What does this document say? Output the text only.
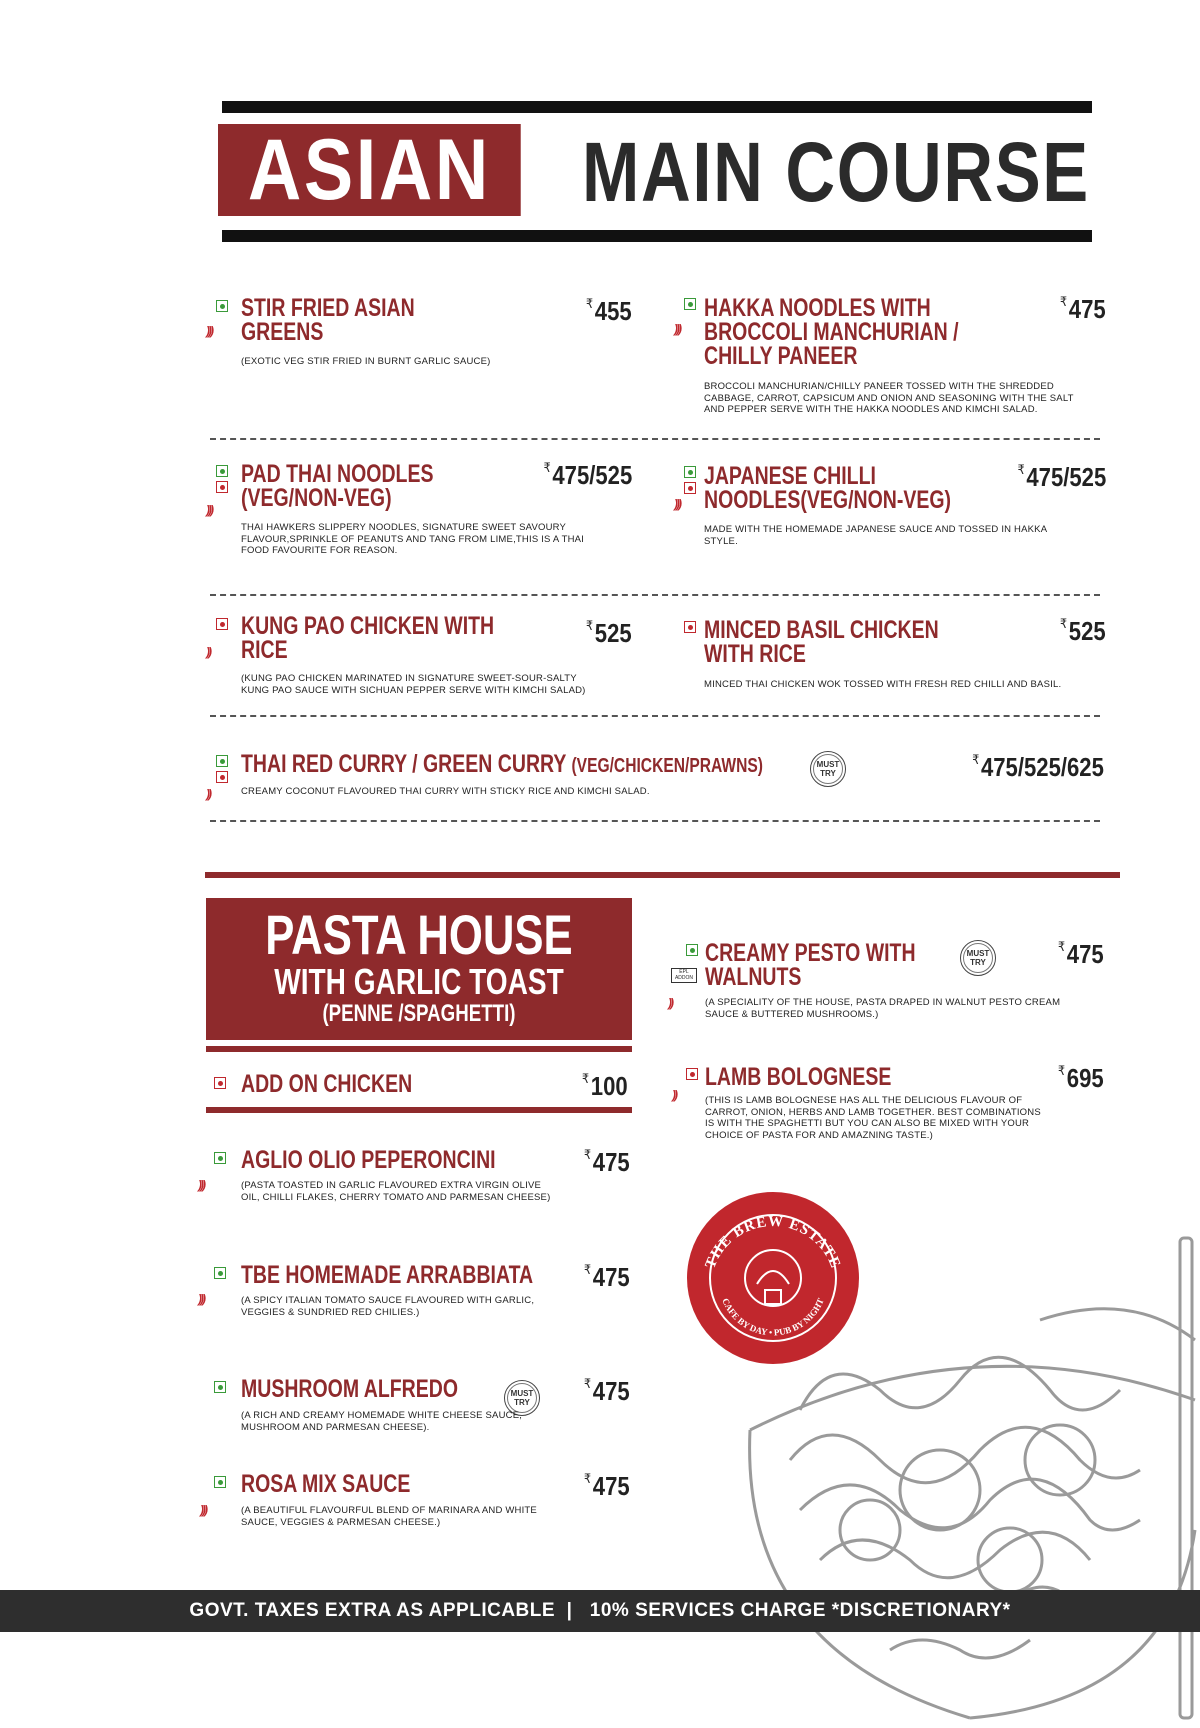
ASIAN	MAIN COURSE
)))
STIR FRIED ASIAN
GREENS
(EXOTIC VEG STIR FRIED IN BURNT GARLIC SAUCE)
₹455
)))
HAKKA NOODLES WITH
BROCCOLI MANCHURIAN /
CHILLY PANEER
BROCCOLI MANCHURIAN/CHILLY PANEER TOSSED WITH THE SHREDDED
CABBAGE, CARROT, CAPSICUM AND ONION AND SEASONING WITH THE SALT
AND PEPPER SERVE WITH THE HAKKA NOODLES AND KIMCHI SALAD.
₹475
)))
PAD THAI NOODLES
(VEG/NON-VEG)
THAI HAWKERS SLIPPERY NOODLES, SIGNATURE SWEET SAVOURY
FLAVOUR,SPRINKLE OF PEANUTS AND TANG FROM LIME,THIS IS A THAI
FOOD FAVOURITE FOR REASON.
₹475/525
)))
JAPANESE CHILLI
NOODLES(VEG/NON-VEG)
MADE WITH THE HOMEMADE JAPANESE SAUCE AND TOSSED IN HAKKA
STYLE.
₹475/525
))
KUNG PAO CHICKEN WITH
RICE
(KUNG PAO CHICKEN MARINATED IN SIGNATURE SWEET-SOUR-SALTY
KUNG PAO SAUCE WITH SICHUAN PEPPER SERVE WITH KIMCHI SALAD)
₹525	MINCED BASIL CHICKEN
WITH RICE
MINCED THAI CHICKEN WOK TOSSED WITH FRESH RED CHILLI AND BASIL.
₹525
))
THAI RED CURRY / GREEN CURRY (VEG/CHICKEN/PRAWNS)
CREAMY COCONUT FLAVOURED THAI CURRY WITH STICKY RICE AND KIMCHI SALAD.
MUST
TRY
₹475/525/625
PASTA HOUSE
WITH GARLIC TOAST
(PENNE /SPAGHETTI)
ADD ON CHICKEN	₹100
)))
AGLIO OLIO PEPERONCINI
(PASTA TOASTED IN GARLIC FLAVOURED EXTRA VIRGIN OLIVE
OIL, CHILLI FLAKES, CHERRY TOMATO AND PARMESAN CHEESE)
₹475
)))
TBE HOMEMADE ARRABBIATA
(A SPICY ITALIAN TOMATO SAUCE FLAVOURED WITH GARLIC,
VEGGIES & SUNDRIED RED CHILIES.)
₹475
MUSHROOM ALFREDO	MUST
TRY
(A RICH AND CREAMY HOMEMADE WHITE CHEESE SAUCE,
MUSHROOM AND PARMESAN CHEESE).
₹475
)))
ROSA MIX SAUCE
(A BEAUTIFUL FLAVOURFUL BLEND OF MARINARA AND WHITE
SAUCE, VEGGIES & PARMESAN CHEESE.)
₹475
EPL ADDON
))
CREAMY PESTO WITH
WALNUTS
MUST
TRY
(A SPECIALITY OF THE HOUSE, PASTA DRAPED IN WALNUT PESTO CREAM
SAUCE & BUTTERED MUSHROOMS.)
₹475
))
LAMB BOLOGNESE
(THIS IS LAMB BOLOGNESE HAS ALL THE DELICIOUS FLAVOUR OF
CARROT, ONION, HERBS AND LAMB TOGETHER. BEST COMBINATIONS
IS WITH THE SPAGHETTI BUT YOU CAN ALSO BE MIXED WITH YOUR
CHOICE OF PASTA FOR AND AMAZNING TASTE.)
₹695
THE BREW ESTATE
CAFE BY DAY • PUB BY NIGHT
GOVT. TAXES EXTRA AS APPLICABLE  |   10% SERVICES CHARGE *DISCRETIONARY*
